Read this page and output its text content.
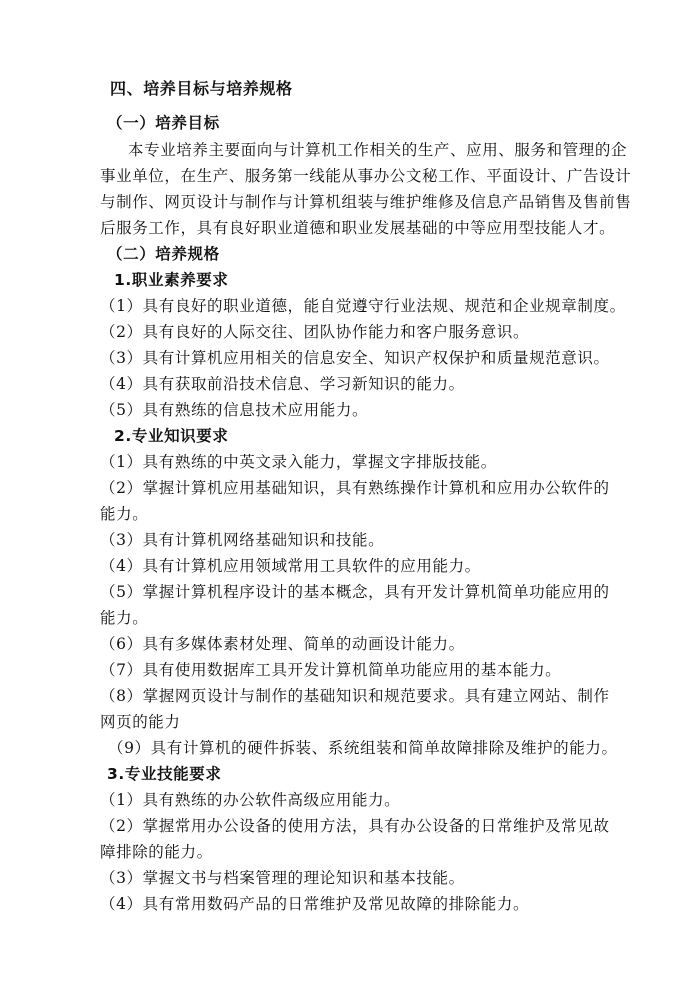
四、培养目标与培养规格
（一）培养目标
本专业培养主要面向与计算机工作相关的生产、应用、服务和管理的企
事业单位，在生产、服务第一线能从事办公文秘工作、平面设计、广告设计
与制作、网页设计与制作与计算机组装与维护维修及信息产品销售及售前售
后服务工作，具有良好职业道德和职业发展基础的中等应用型技能人才。
（二）培养规格
1.职业素养要求
（1）具有良好的职业道德，能自觉遵守行业法规、规范和企业规章制度。
（2）具有良好的人际交往、团队协作能力和客户服务意识。
（3）具有计算机应用相关的信息安全、知识产权保护和质量规范意识。
（4）具有获取前沿技术信息、学习新知识的能力。
（5）具有熟练的信息技术应用能力。
2.专业知识要求
（1）具有熟练的中英文录入能力，掌握文字排版技能。
（2）掌握计算机应用基础知识，具有熟练操作计算机和应用办公软件的
能力。
（3）具有计算机网络基础知识和技能。
（4）具有计算机应用领域常用工具软件的应用能力。
（5）掌握计算机程序设计的基本概念，具有开发计算机简单功能应用的
能力。
（6）具有多媒体素材处理、简单的动画设计能力。
（7）具有使用数据库工具开发计算机简单功能应用的基本能力。
（8）掌握网页设计与制作的基础知识和规范要求。具有建立网站、制作
网页的能力
（9）具有计算机的硬件拆装、系统组装和简单故障排除及维护的能力。
3.专业技能要求
（1）具有熟练的办公软件高级应用能力。
（2）掌握常用办公设备的使用方法，具有办公设备的日常维护及常见故
障排除的能力。
（3）掌握文书与档案管理的理论知识和基本技能。
（4）具有常用数码产品的日常维护及常见故障的排除能力。
